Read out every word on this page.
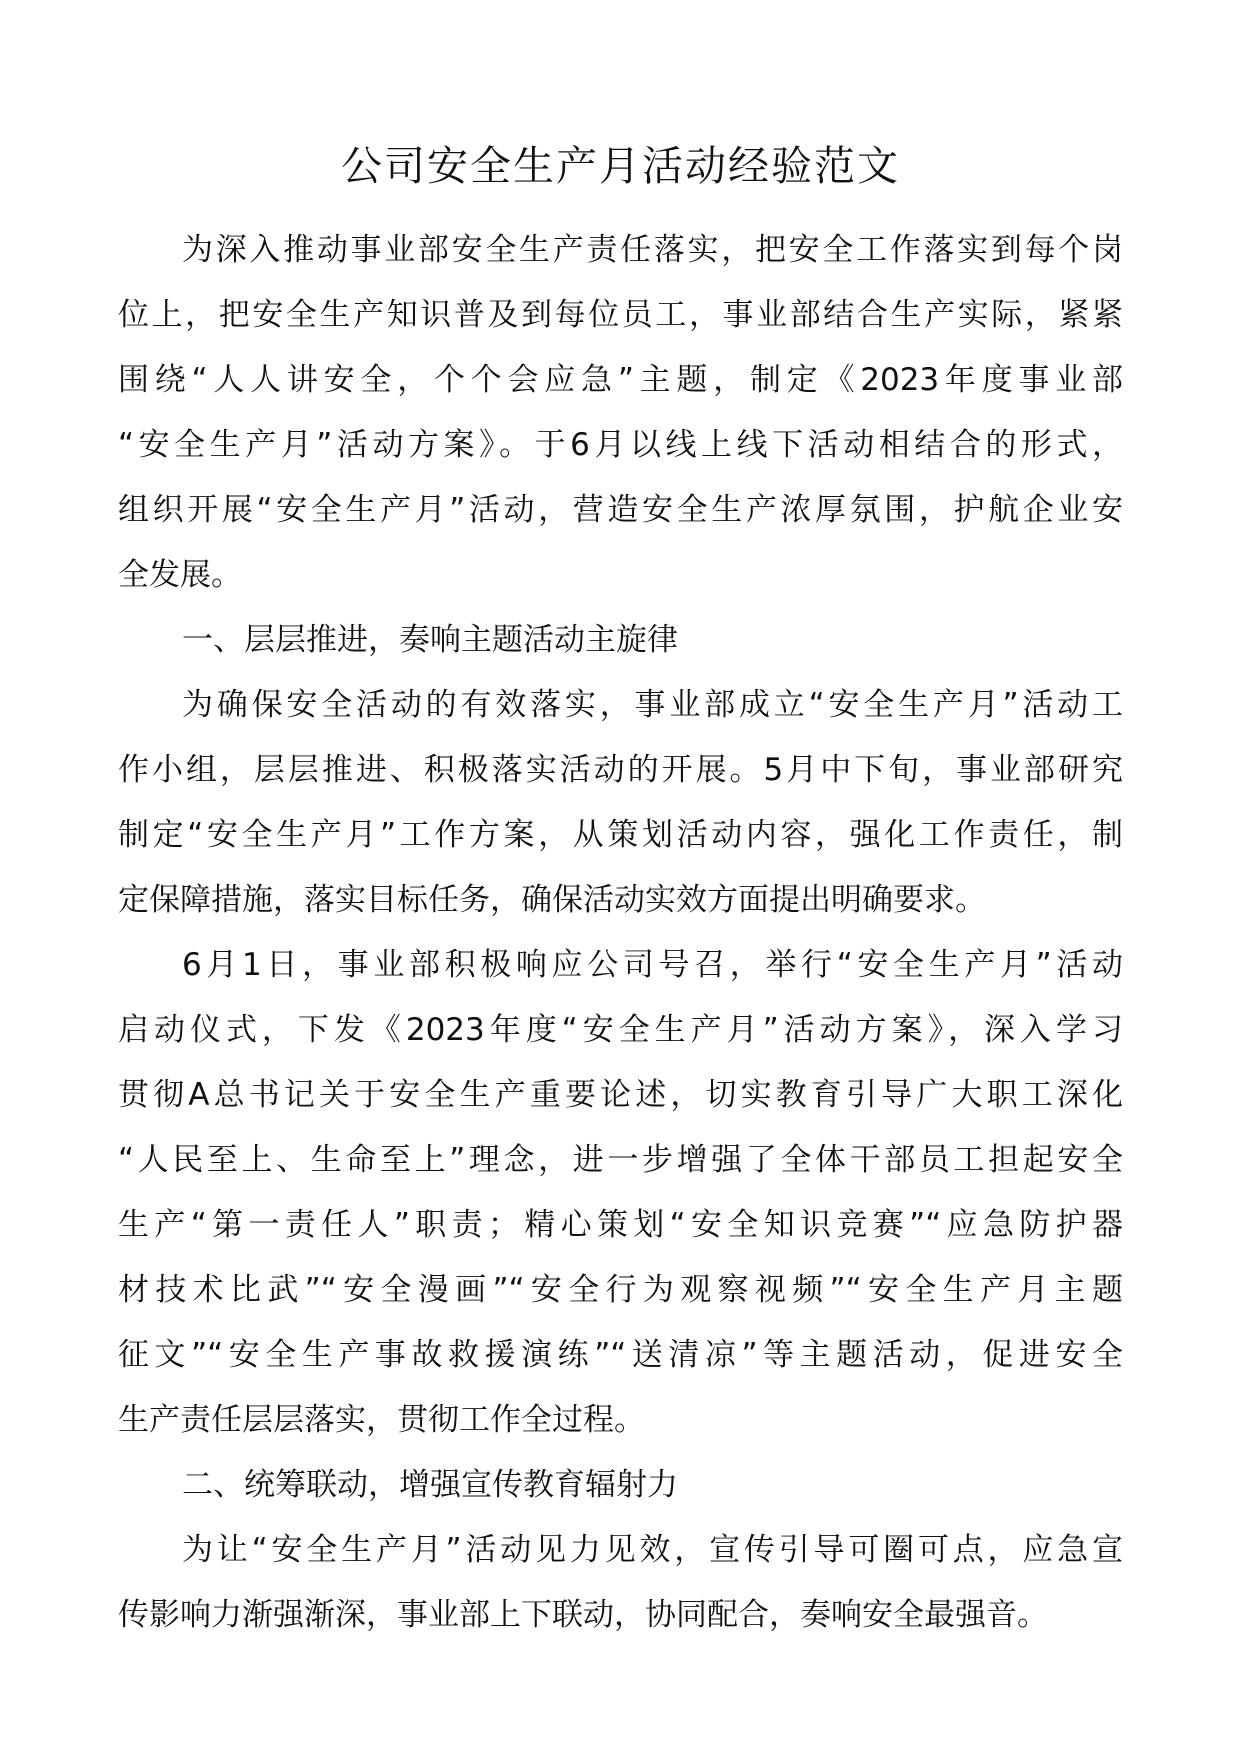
公司安全生产月活动经验范文

为深入推动事业部安全生产责任落实，把安全工作落实到每个岗
位上，把安全生产知识普及到每位员工，事业部结合生产实际，紧紧
围绕“人人讲安全，个个会应急”主题，制定《2023年度事业部
“安全生产月”活动方案》。于6月以线上线下活动相结合的形式，
组织开展“安全生产月”活动，营造安全生产浓厚氛围，护航企业安
全发展。

一、层层推进，奏响主题活动主旋律

为确保安全活动的有效落实，事业部成立“安全生产月”活动工
作小组，层层推进、积极落实活动的开展。5月中下旬，事业部研究
制定“安全生产月”工作方案，从策划活动内容，强化工作责任，制
定保障措施，落实目标任务，确保活动实效方面提出明确要求。

6月1日，事业部积极响应公司号召，举行“安全生产月”活动
启动仪式，下发《2023年度“安全生产月”活动方案》，深入学习
贯彻A总书记关于安全生产重要论述，切实教育引导广大职工深化
“人民至上、生命至上”理念，进一步增强了全体干部员工担起安全
生产“第一责任人”职责；精心策划“安全知识竞赛”“应急防护器
材技术比武”“安全漫画”“安全行为观察视频”“安全生产月主题
征文”“安全生产事故救援演练”“送清凉”等主题活动，促进安全
生产责任层层落实，贯彻工作全过程。

二、统筹联动，增强宣传教育辐射力

为让“安全生产月”活动见力见效，宣传引导可圈可点，应急宣
传影响力渐强渐深，事业部上下联动，协同配合，奏响安全最强音。
